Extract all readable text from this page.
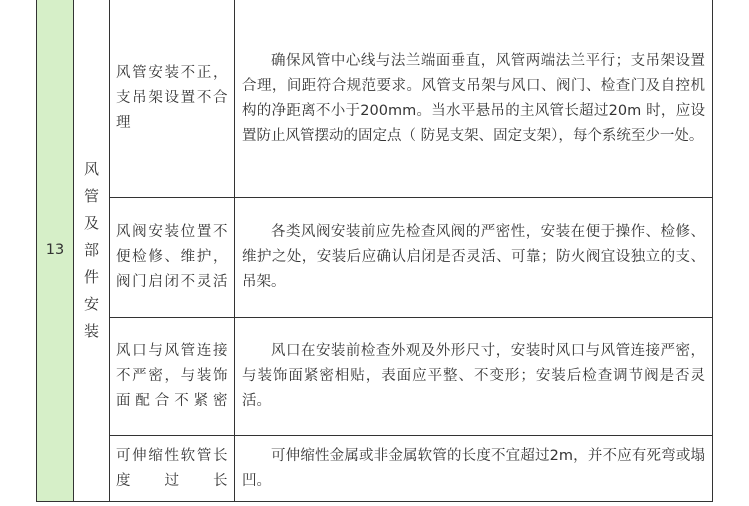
13	风管及部件安装	风管安装不正，支吊架设置不合理	确保风管中心线与法兰端面垂直，风管两端法兰平行；支吊架设置合理，间距符合规范要求。风管支吊架与风口、阀门、检查门及自控机构的净距离不小于200mm。当水平悬吊的主风管长超过20m 时，应设置防止风管摆动的固定点（ 防晃支架、固定支架），每个系统至少一处。

		风阀安装位置不便检修、维护，阀门启闭不灵活	各类风阀安装前应先检查风阀的严密性，安装在便于操作、检修、维护之处，安装后应确认启闭是否灵活、可靠；防火阀宜设独立的支、吊架。

		风口与风管连接不严密，与装饰面配合不紧密	风口在安装前检查外观及外形尺寸，安装时风口与风管连接严密， 与装饰面紧密相贴，表面应平整、不变形；安装后检查调节阀是否灵活。

		可伸缩性软管长度过长	可伸缩性金属或非金属软管的长度不宜超过2m，并不应有死弯或塌凹。
